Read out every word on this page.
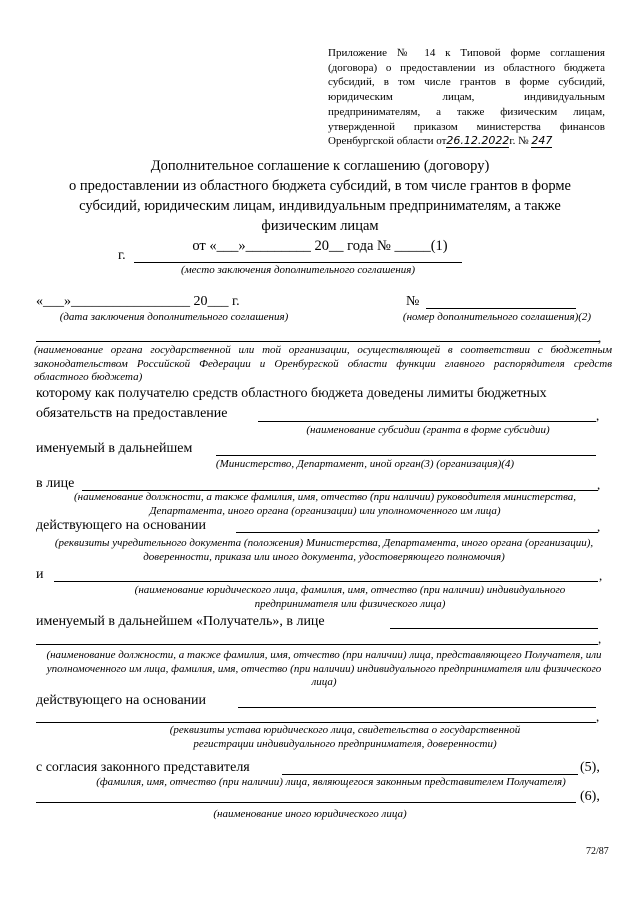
Приложение № 14 к Типовой форме соглашения (договора) о предоставлении из областного бюджета субсидий, в том числе грантов в форме субсидий, юридическим лицам, индивидуальным предпринимателям, а также физическим лицам, утвержденной приказом министерства финансов Оренбургской области от26.12.2022г. № 247
Дополнительное соглашение к соглашению (договору)
о предоставлении из областного бюджета субсидий, в том числе грантов в форме
субсидий, юридическим лицам, индивидуальным предпринимателям, а также
физическим лицам
от «___»_________ 20__ года № _____(1)
г.
(место заключения дополнительного соглашения)
«___»_________________ 20___ г.
(дата заключения дополнительного соглашения)
№
(номер дополнительного соглашения)(2)
,
(наименование органа государственной или той организации, осуществляющей в соответствии с бюджетным законодательством Российской Федерации и Оренбургской области функции главного распорядителя средств областного бюджета)
которому как получателю средств областного бюджета доведены лимиты бюджетных
обязательств на предоставление	,
(наименование субсидии (гранта в форме субсидии)
именуемый в дальнейшем
(Министерство, Департамент, иной орган(3) (организация)(4)
в лице	,
(наименование должности, а также фамилия, имя, отчество (при наличии) руководителя министерства, Департамента, иного органа (организации) или уполномоченного им лица)
действующего на основании	,
(реквизиты учредительного документа (положения) Министерства, Департамента, иного органа (организации), доверенности, приказа или иного документа, удостоверяющего полномочия)
и	,
(наименование юридического лица, фамилия, имя, отчество (при наличии) индивидуального предпринимателя или физического лица)
именуемый в дальнейшем «Получатель», в лице
,
(наименование должности, а также фамилия, имя, отчество (при наличии) лица, представляющего Получателя, или уполномоченного им лица, фамилия, имя, отчество (при наличии) индивидуального предпринимателя или физического лица)
действующего на основании
,
(реквизиты устава юридического лица, свидетельства о государственной регистрации индивидуального предпринимателя, доверенности)
с согласия законного представителя	(5),
(фамилия, имя, отчество (при наличии) лица, являющегося законным представителем Получателя)
(6),
(наименование иного юридического лица)
72/87
